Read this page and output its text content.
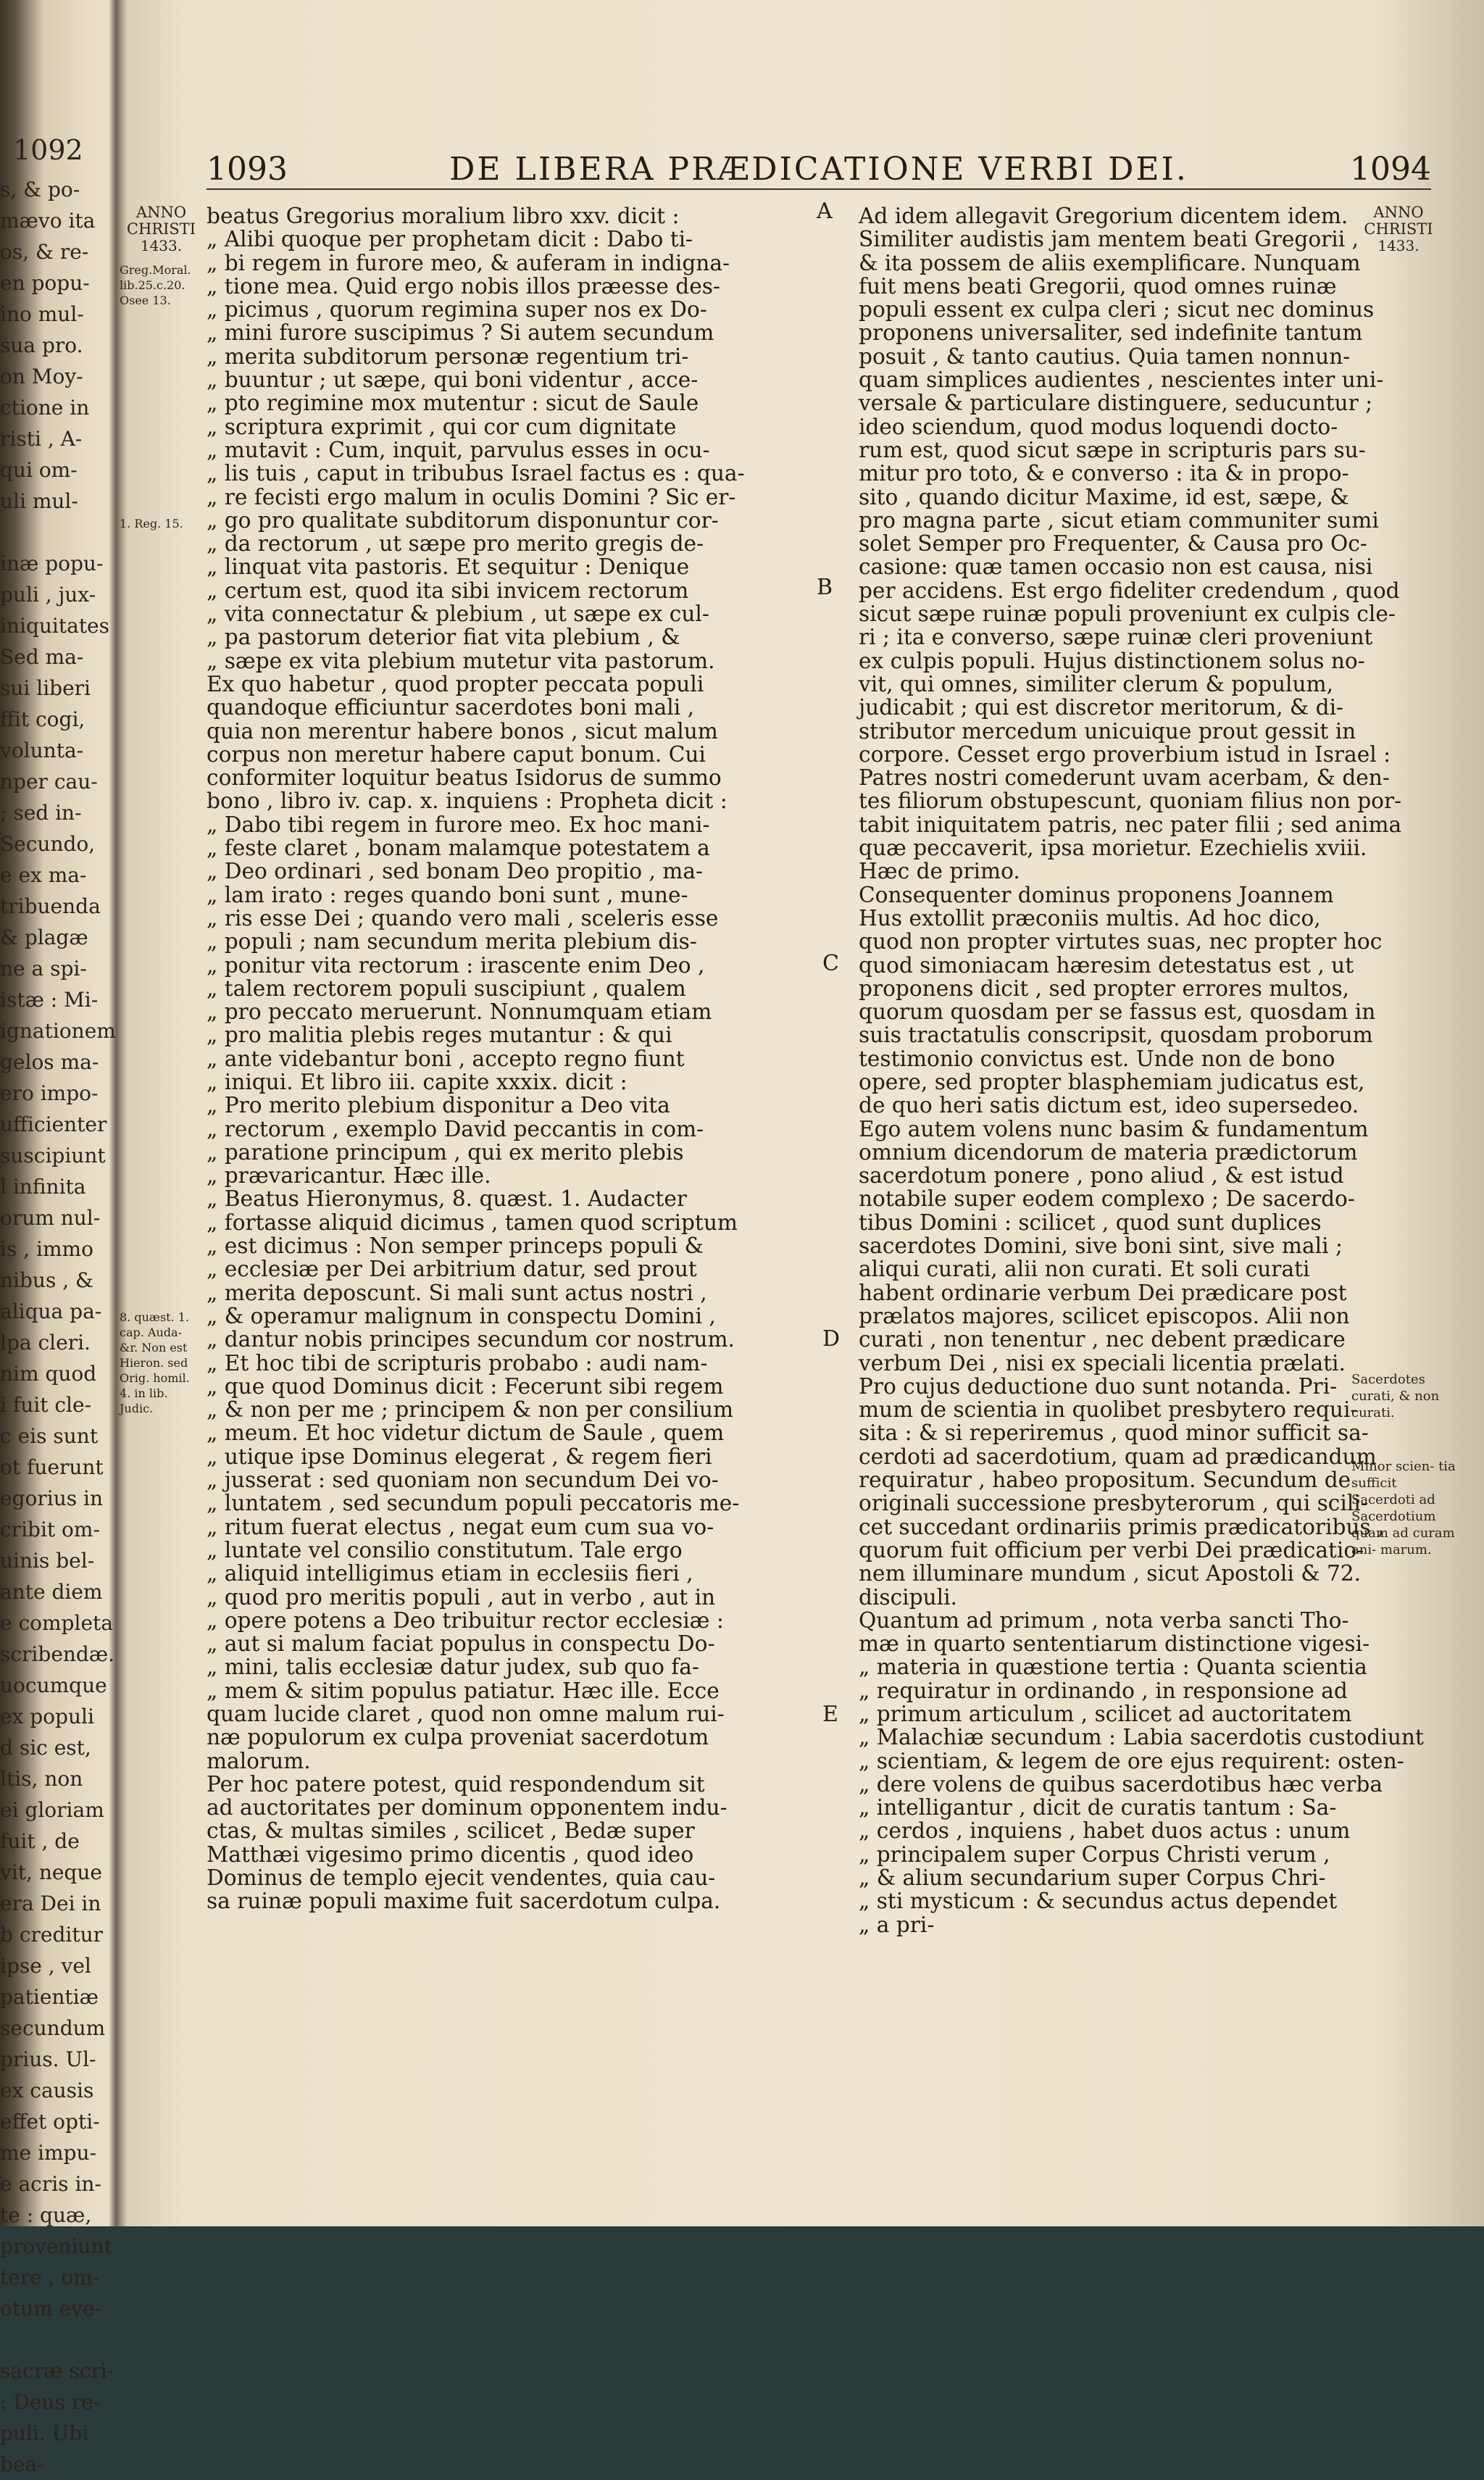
1092
s, & po-
mævo ita
os, & re-
en popu-
ino mul-
sua pro.
on Moy-
ctione in
risti , A-
qui om-
uli mul-
inæ popu-
puli , jux-
iniquitates
Sed ma-
sui liberi
ffit cogi,
volunta-
nper cau-
; sed in-
Secundo,
e ex ma-
tribuenda
& plagæ
ne a spi-
istæ : Mi-
ignationem
gelos ma-
ero impo-
ufficienter
suscipiunt
l infinita
orum nul-
is , immo
nibus , &
aliqua pa-
lpa cleri.
nim quod
i fuit cle-
c eis sunt
ot fuerunt
egorius in
cribit om-
uinis bel-
ante diem
e completa
scribendæ.
uocumque
ex populi
d sic est,
ltis, non
ei gloriam
fuit , de
vit, neque
era Dei in
b creditur
ipse , vel
patientiæ
secundum
prius. Ul-
ex causis
effet opti-
me impu-
e acris in-
te : quæ,
proveniunt
tere , om-
otum eve-
sacræ scri-
: Deus re-
puli. Ubi
bea-
1093	DE LIBERA PRÆDICATIONE VERBI DEI.	1094
ANNO
CHRISTI
1433.
Greg.Moral. lib.25.c.20. Osee 13.
1. Reg. 15.
8. quæst. 1. cap. Auda- &r. Non est Hieron. sed Orig. homil. 4. in lib. Judic.
beatus Gregorius moralium libro xxv. dicit :
„ Alibi quoque per prophetam dicit : Dabo ti-
„ bi regem in furore meo, & auferam in indigna-
„ tione mea. Quid ergo nobis illos præesse des-
„ picimus , quorum regimina super nos ex Do-
„ mini furore suscipimus ? Si autem secundum
„ merita subditorum personæ regentium tri-
„ buuntur ; ut sæpe, qui boni videntur , acce-
„ pto regimine mox mutentur : sicut de Saule
„ scriptura exprimit , qui cor cum dignitate
„ mutavit : Cum, inquit, parvulus esses in ocu-
„ lis tuis , caput in tribubus Israel factus es : qua-
„ re fecisti ergo malum in oculis Domini ? Sic er-
„ go pro qualitate subditorum disponuntur cor-
„ da rectorum , ut sæpe pro merito gregis de-
„ linquat vita pastoris. Et sequitur : Denique
„ certum est, quod ita sibi invicem rectorum
„ vita connectatur & plebium , ut sæpe ex cul-
„ pa pastorum deterior fiat vita plebium , &
„ sæpe ex vita plebium mutetur vita pastorum.
Ex quo habetur , quod propter peccata populi
quandoque efficiuntur sacerdotes boni mali ,
quia non merentur habere bonos , sicut malum
corpus non meretur habere caput bonum. Cui
conformiter loquitur beatus Isidorus de summo
bono , libro iv. cap. x. inquiens : Propheta dicit :
„ Dabo tibi regem in furore meo. Ex hoc mani-
„ feste claret , bonam malamque potestatem a
„ Deo ordinari , sed bonam Deo propitio , ma-
„ lam irato : reges quando boni sunt , mune-
„ ris esse Dei ; quando vero mali , sceleris esse
„ populi ; nam secundum merita plebium dis-
„ ponitur vita rectorum : irascente enim Deo ,
„ talem rectorem populi suscipiunt , qualem
„ pro peccato meruerunt. Nonnumquam etiam
„ pro malitia plebis reges mutantur : & qui
„ ante videbantur boni , accepto regno fiunt
„ iniqui. Et libro iii. capite xxxix. dicit :
„ Pro merito plebium disponitur a Deo vita
„ rectorum , exemplo David peccantis in com-
„ paratione principum , qui ex merito plebis
„ prævaricantur. Hæc ille.
„ Beatus Hieronymus, 8. quæst. 1. Audacter
„ fortasse aliquid dicimus , tamen quod scriptum
„ est dicimus : Non semper princeps populi &
„ ecclesiæ per Dei arbitrium datur, sed prout
„ merita deposcunt. Si mali sunt actus nostri ,
„ & operamur malignum in conspectu Domini ,
„ dantur nobis principes secundum cor nostrum.
„ Et hoc tibi de scripturis probabo : audi nam-
„ que quod Dominus dicit : Fecerunt sibi regem
„ & non per me ; principem & non per consilium
„ meum. Et hoc videtur dictum de Saule , quem
„ utique ipse Dominus elegerat , & regem fieri
„ jusserat : sed quoniam non secundum Dei vo-
„ luntatem , sed secundum populi peccatoris me-
„ ritum fuerat electus , negat eum cum sua vo-
„ luntate vel consilio constitutum. Tale ergo
„ aliquid intelligimus etiam in ecclesiis fieri ,
„ quod pro meritis populi , aut in verbo , aut in
„ opere potens a Deo tribuitur rector ecclesiæ :
„ aut si malum faciat populus in conspectu Do-
„ mini, talis ecclesiæ datur judex, sub quo fa-
„ mem & sitim populus patiatur. Hæc ille. Ecce
quam lucide claret , quod non omne malum rui-
næ populorum ex culpa proveniat sacerdotum
malorum.
Per hoc patere potest, quid respondendum sit
ad auctoritates per dominum opponentem indu-
ctas, & multas similes , scilicet , Bedæ super
Matthæi vigesimo primo dicentis , quod ideo
Dominus de templo ejecit vendentes, quia cau-
sa ruinæ populi maxime fuit sacerdotum culpa.
Ad idem allegavit Gregorium dicentem idem.
Similiter audistis jam mentem beati Gregorii ,
& ita possem de aliis exemplificare. Nunquam
fuit mens beati Gregorii, quod omnes ruinæ
populi essent ex culpa cleri ; sicut nec dominus
proponens universaliter, sed indefinite tantum
posuit , & tanto cautius. Quia tamen nonnun-
quam simplices audientes , nescientes inter uni-
versale & particulare distinguere, seducuntur ;
ideo sciendum, quod modus loquendi docto-
rum est, quod sicut sæpe in scripturis pars su-
mitur pro toto, & e converso : ita & in propo-
sito , quando dicitur Maxime, id est, sæpe, &
pro magna parte , sicut etiam communiter sumi
solet Semper pro Frequenter, & Causa pro Oc-
casione: quæ tamen occasio non est causa, nisi
per accidens. Est ergo fideliter credendum , quod
sicut sæpe ruinæ populi proveniunt ex culpis cle-
ri ; ita e converso, sæpe ruinæ cleri proveniunt
ex culpis populi. Hujus distinctionem solus no-
vit, qui omnes, similiter clerum & populum,
judicabit ; qui est discretor meritorum, & di-
stributor mercedum unicuique prout gessit in
corpore. Cesset ergo proverbium istud in Israel :
Patres nostri comederunt uvam acerbam, & den-
tes filiorum obstupescunt, quoniam filius non por-
tabit iniquitatem patris, nec pater filii ; sed anima
quæ peccaverit, ipsa morietur. Ezechielis xviii.
Hæc de primo.
Consequenter dominus proponens Joannem
Hus extollit præconiis multis. Ad hoc dico,
quod non propter virtutes suas, nec propter hoc
quod simoniacam hæresim detestatus est , ut
proponens dicit , sed propter errores multos,
quorum quosdam per se fassus est, quosdam in
suis tractatulis conscripsit, quosdam proborum
testimonio convictus est. Unde non de bono
opere, sed propter blasphemiam judicatus est,
de quo heri satis dictum est, ideo supersedeo.
Ego autem volens nunc basim & fundamentum
omnium dicendorum de materia prædictorum
sacerdotum ponere , pono aliud , & est istud
notabile super eodem complexo ; De sacerdo-
tibus Domini : scilicet , quod sunt duplices
sacerdotes Domini, sive boni sint, sive mali ;
aliqui curati, alii non curati. Et soli curati
habent ordinarie verbum Dei prædicare post
prælatos majores, scilicet episcopos. Alii non
curati , non tenentur , nec debent prædicare
verbum Dei , nisi ex speciali licentia prælati.
Pro cujus deductione duo sunt notanda. Pri-
mum de scientia in quolibet presbytero requi-
sita : & si reperiremus , quod minor sufficit sa-
cerdoti ad sacerdotium, quam ad prædicandum
requiratur , habeo propositum. Secundum de
originali successione presbyterorum , qui scili-
cet succedant ordinariis primis prædicatoribus ,
quorum fuit officium per verbi Dei prædicatio-
nem illuminare mundum , sicut Apostoli & 72.
discipuli.
Quantum ad primum , nota verba sancti Tho-
mæ in quarto sententiarum distinctione vigesi-
„ materia in quæstione tertia : Quanta scientia
„ requiratur in ordinando , in responsione ad
„ primum articulum , scilicet ad auctoritatem
„ Malachiæ secundum : Labia sacerdotis custodiunt
„ scientiam, & legem de ore ejus requirent: osten-
„ dere volens de quibus sacerdotibus hæc verba
„ intelligantur , dicit de curatis tantum : Sa-
„ cerdos , inquiens , habet duos actus : unum
„ principalem super Corpus Christi verum ,
„ & alium secundarium super Corpus Chri-
„ sti mysticum : & secundus actus dependet
„ a pri-
A
B
C
D
E
ANNO
CHRISTI
1433.
Sacerdotes curati, & non curati.
Minor scien- tia sufficit Sacerdoti ad Sacerdotium quam ad curam ani- marum.
